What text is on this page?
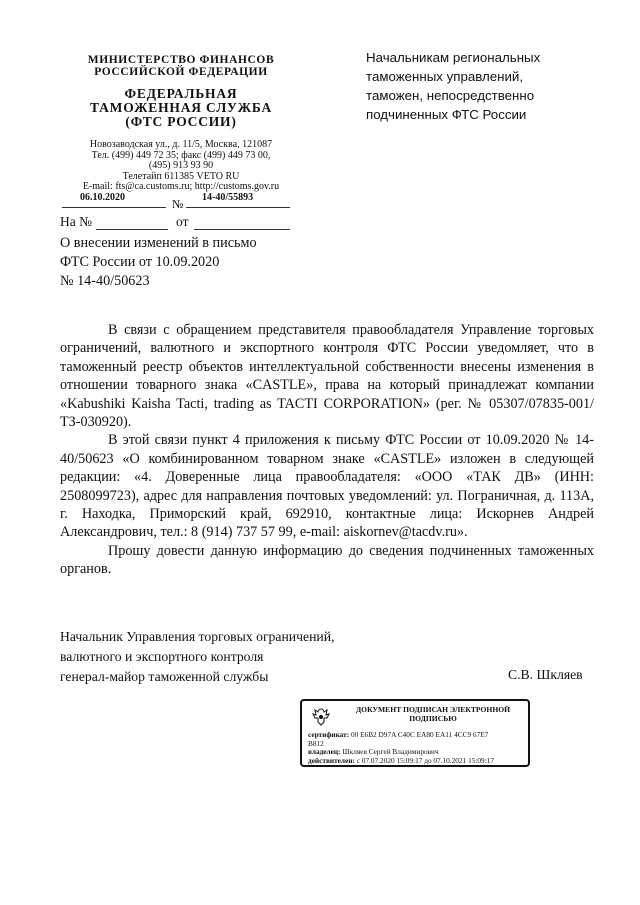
МИНИСТЕРСТВО ФИНАНСОВ
РОССИЙСКОЙ ФЕДЕРАЦИИ
ФЕДЕРАЛЬНАЯ
ТАМОЖЕННАЯ СЛУЖБА
(ФТС РОССИИ)
Новозаводская ул., д. 11/5, Москва, 121087
Тел. (499) 449 72 35; факс (499) 449 73 00,
(495) 913 93 90
Телетайп 611385 VETO RU
E-mail: fts@ca.customs.ru; http://customs.gov.ru
06.10.2020	№ 14-40/55893
Начальникам региональных
таможенных управлений,
таможен, непосредственно
подчиненных ФТС России
На №	от
О внесении изменений в письмо
ФТС России от 10.09.2020
№ 14-40/50623

В связи с обращением представителя правообладателя Управление торговых ограничений, валютного и экспортного контроля ФТС России уведомляет, что в таможенный реестр объектов интеллектуальной собственности внесены изменения в отношении товарного знака «CASTLE», права на который принадлежат компании «Kabushiki Kaisha Tacti, trading as TACTI CORPORATION» (рег. № 05307/07835-001/ТЗ-030920).

В этой связи пункт 4 приложения к письму ФТС России от 10.09.2020 № 14-40/50623 «О комбинированном товарном знаке «CASTLE» изложен в следующей редакции: «4. Доверенные лица правообладателя: «ООО «ТАК ДВ» (ИНН: 2508099723), адрес для направления почтовых уведомлений: ул. Пограничная, д. 113А, г. Находка, Приморский край, 692910, контактные лица: Искорнев Андрей Александрович, тел.: 8 (914) 737 57 99, e-mail: aiskornev@tacdv.ru».

Прошу довести данную информацию до сведения подчиненных таможенных органов.

Начальник Управления торговых ограничений,
валютного и экспортного контроля
генерал-майор таможенной службы	С.В. Шкляев
ДОКУМЕНТ ПОДПИСАН ЭЛЕКТРОННОЙ
ПОДПИСЬЮ
сертификат: 00 E6B2 D97A C40C EA80 EA11 4CC9 67E7
B812
владелец: Шкляев Сергей Владимирович
действителен: с 07.07.2020 15:09:17 до 07.10.2021 15:09:17
